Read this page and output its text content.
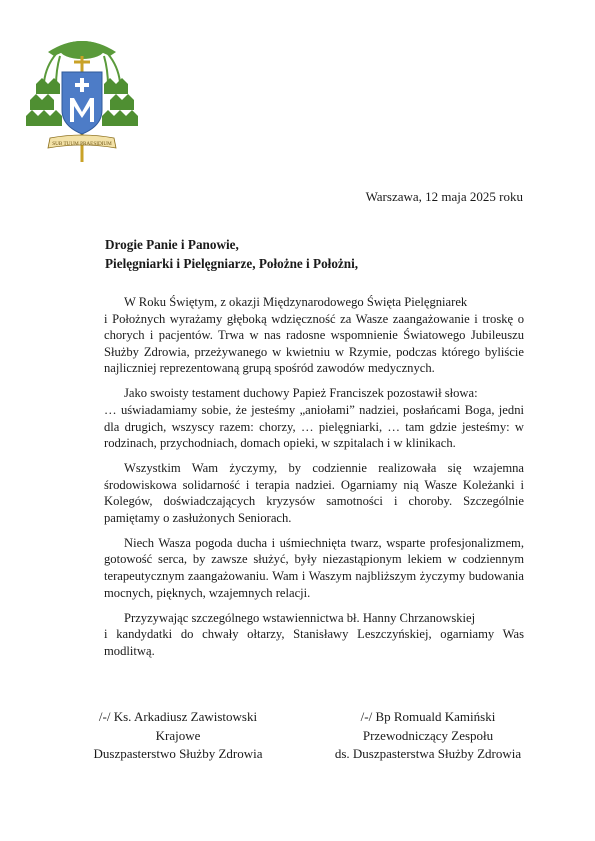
SUB TUUM PRAESIDIUM
Warszawa, 12 maja 2025 roku
Drogie Panie i Panowie,
Pielęgniarki i Pielęgniarze, Położne i Położni,

W Roku Świętym, z okazji Międzynarodowego Święta Pielęgniarek
i Położnych wyrażamy głęboką wdzięczność za Wasze zaangażowanie i troskę o chorych i pacjentów. Trwa w nas radosne wspomnienie Światowego Jubileuszu Służby Zdrowia, przeżywanego w kwietniu w Rzymie, podczas którego byliście najliczniej reprezentowaną grupą spośród zawodów medycznych.

Jako swoisty testament duchowy Papież Franciszek pozostawił słowa:
… uświadamiamy sobie, że jesteśmy „aniołami” nadziei, posłańcami Boga, jedni dla drugich, wszyscy razem: chorzy, … pielęgniarki, … tam gdzie jesteśmy: w rodzinach, przychodniach, domach opieki, w szpitalach i w klinikach.

Wszystkim Wam życzymy, by codziennie realizowała się wzajemna środowiskowa solidarność i terapia nadziei. Ogarniamy nią Wasze Koleżanki i Kolegów, doświadczających kryzysów samotności i choroby. Szczególnie pamiętamy o zasłużonych Seniorach.

Niech Wasza pogoda ducha i uśmiechnięta twarz, wsparte profesjonalizmem, gotowość serca, by zawsze służyć, były niezastąpionym lekiem w codziennym terapeutycznym zaangażowaniu. Wam i Waszym najbliższym życzymy budowania mocnych, pięknych, wzajemnych relacji.

Przyzywając szczególnego wstawiennictwa bł. Hanny Chrzanowskiej
i kandydatki do chwały ołtarzy, Stanisławy Leszczyńskiej, ogarniamy Was modlitwą.

/-/ Ks. Arkadiusz Zawistowski
Krajowe
Duszpasterstwo Służby Zdrowia
/-/ Bp Romuald Kamiński
Przewodniczący Zespołu
ds. Duszpasterstwa Służby Zdrowia
